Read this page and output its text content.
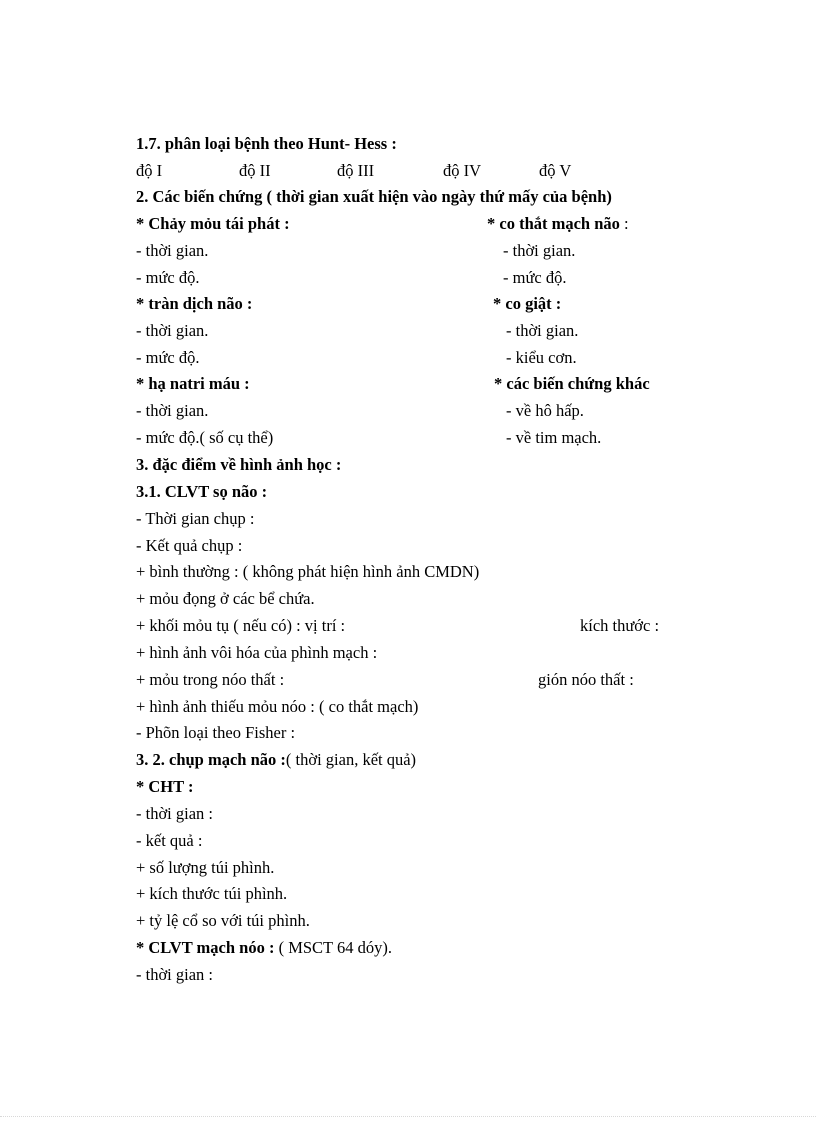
1.7. phân loại bệnh theo Hunt- Hess :
độ I	độ II	độ III	độ IV	độ V
2. Các biến chứng ( thời gian xuất hiện vào ngày thứ mấy của bệnh)
* Chảy mỏu tái phát :	* co thắt mạch não :
- thời gian.	- thời gian.
- mức độ.	- mức độ.
* tràn dịch não :	* co giật :
- thời gian.	- thời gian.
- mức độ.	- kiểu cơn.
* hạ natri máu :	* các biến chứng khác
- thời gian.	- về hô hấp.
- mức độ.( số cụ thể)	- về tim mạch.
3. đặc điểm về hình ảnh học :
3.1. CLVT sọ não :
- Thời gian chụp :
- Kết quả chụp :
+ bình thường : ( không phát hiện hình ảnh CMDN)
+ mỏu đọng ở các bể chứa.
+ khối mỏu tụ ( nếu có) : vị trí :	kích thước :
+ hình ảnh vôi hóa của phình mạch :
+ mỏu trong nóo thất :	gión nóo thất :
+ hình ảnh thiếu mỏu nóo : ( co thắt mạch)
- Phõn loại theo Fisher :
3. 2. chụp mạch não :( thời gian, kết quả)
* CHT :
- thời gian :
- kết quả :
+ số lượng túi phình.
+ kích thước túi phình.
+ tỷ lệ cổ so với túi phình.
* CLVT mạch nóo : ( MSCT 64 dóy).
- thời gian :
